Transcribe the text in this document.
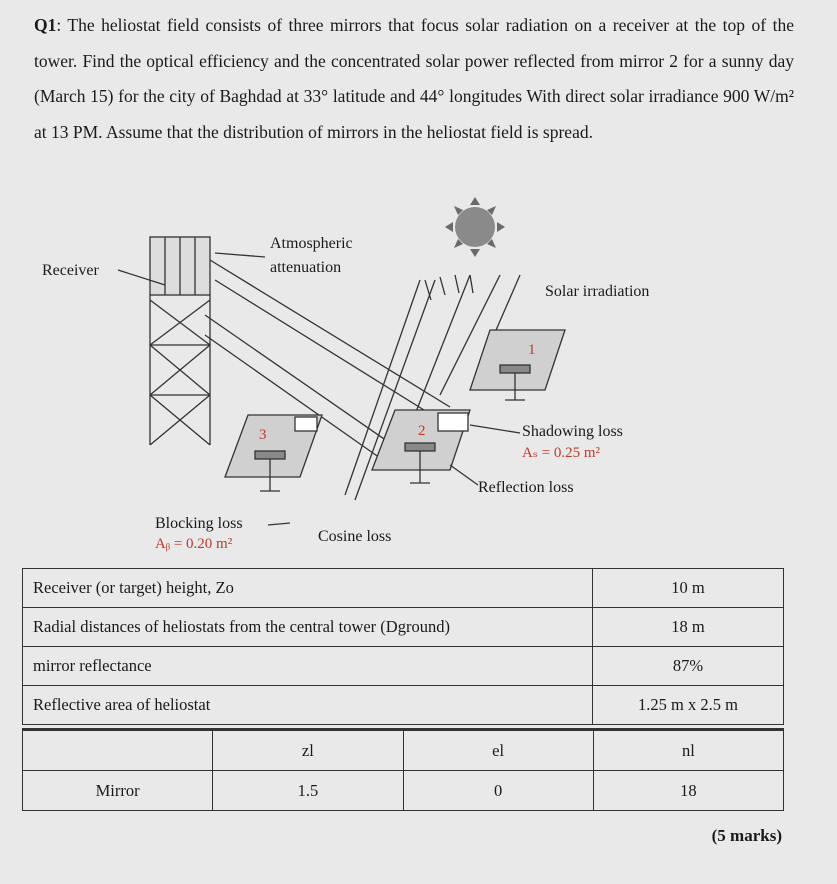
Q1: The heliostat field consists of three mirrors that focus solar radiation on a receiver at the top of the tower. Find the optical efficiency and the concentrated solar power reflected from mirror 2 for a sunny day (March 15) for the city of Baghdad at 33° latitude and 44° longitudes With direct solar irradiance 900 W/m² at 13 PM. Assume that the distribution of mirrors in the heliostat field is spread.
Receiver
Atmospheric
attenuation
Solar irradiation
Shadowing loss
Aₛ = 0.25 m²
Reflection loss
Blocking loss
Aᵦ = 0.20 m²	Cosine loss
1
2
3
Receiver (or target) height, Zo	10 m
Radial distances of heliostats from the central tower (Dground)	18 m
mirror reflectance	87%
Reflective area of heliostat	1.25 m x 2.5 m
	zl	el	nl
Mirror	1.5	0	18
(5 marks)
